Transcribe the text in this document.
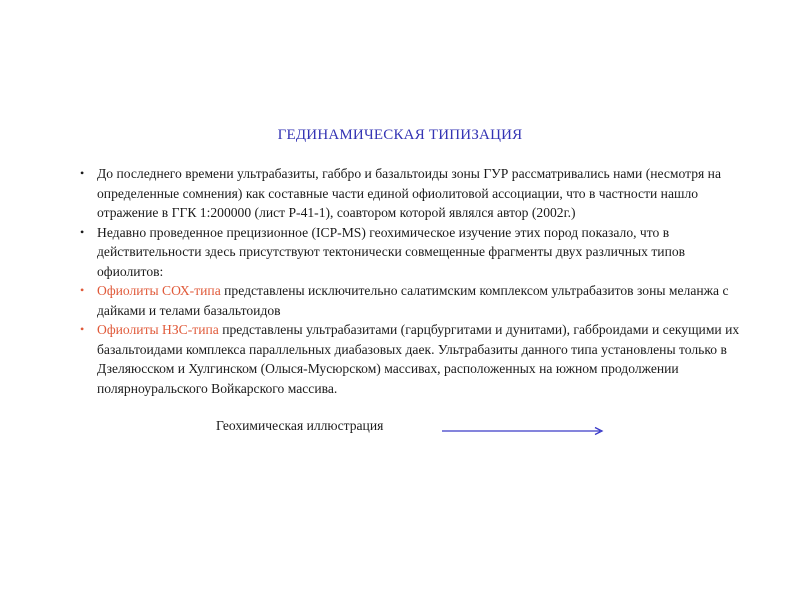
ГЕДИНАМИЧЕСКАЯ ТИПИЗАЦИЯ
• До последнего времени ультрабазиты, габбро и базальтоиды зоны ГУР рассматривались нами (несмотря на определенные сомнения) как составные части единой офиолитовой ассоциации, что в частности нашло отражение в ГГК 1:200000 (лист Р-41-1), соавтором которой являлся автор (2002г.)
• Недавно проведенное прецизионное (ICP-MS) геохимическое изучение этих пород показало, что в действительности здесь присутствуют тектонически совмещенные фрагменты двух различных типов офиолитов:
• Офиолиты СОХ-типа представлены исключительно салатимским комплексом ультрабазитов зоны меланжа с дайками и телами базальтоидов
• Офиолиты НЗС-типа представлены ультрабазитами (гарцбургитами и дунитами), габброидами и секущими их базальтоидами комплекса параллельных диабазовых даек. Ультрабазиты данного типа установлены только в Дзеляюсском и Хулгинском (Олыся-Мусюрском) массивах, расположенных на южном продолжении полярноуральского Войкарского массива.
Геохимическая иллюстрация
